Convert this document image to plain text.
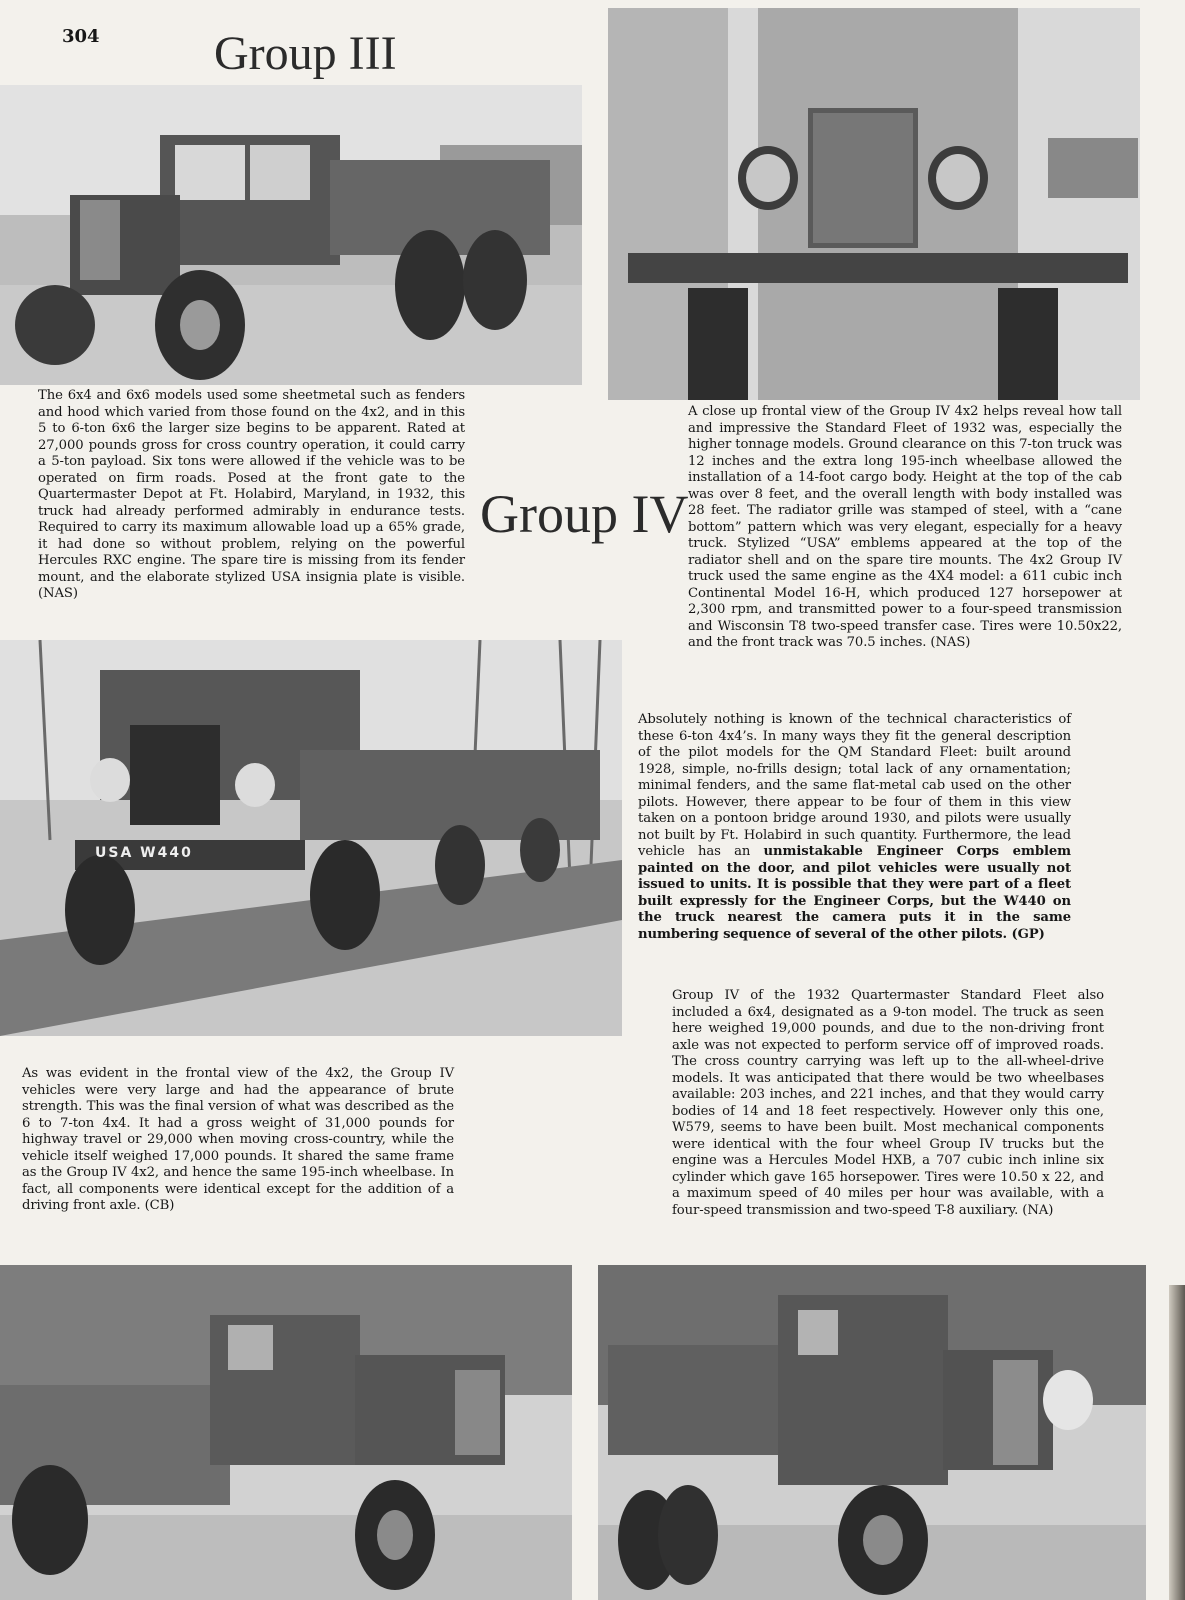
304 Group III

The 6x4 and 6x6 models used some sheetmetal such as fenders and hood which varied from those found on the 4x2, and in this 5 to 6-ton 6x6 the larger size begins to be apparent. Rated at 27,000 pounds gross for cross country operation, it could carry a 5-ton payload. Six tons were allowed if the vehicle was to be operated on firm roads. Posed at the front gate to the Quartermaster Depot at Ft. Holabird, Maryland, in 1932, this truck had already performed admirably in endurance tests. Required to carry its maximum allowable load up a 65% grade, it had done so without problem, relying on the powerful Hercules RXC engine. The spare tire is missing from its fender mount, and the elaborate stylized USA insignia plate is visible. (NAS)

Group IV

A close up frontal view of the Group IV 4x2 helps reveal how tall and impressive the Standard Fleet of 1932 was, especially the higher tonnage models. Ground clearance on this 7-ton truck was 12 inches and the extra long 195-inch wheelbase allowed the installation of a 14-foot cargo body. Height at the top of the cab was over 8 feet, and the overall length with body installed was 28 feet. The radiator grille was stamped of steel, with a “cane bottom” pattern which was very elegant, especially for a heavy truck. Stylized “USA” emblems appeared at the top of the radiator shell and on the spare tire mounts. The 4x2 Group IV truck used the same engine as the 4X4 model: a 611 cubic inch Continental Model 16-H, which produced 127 horsepower at 2,300 rpm, and transmitted power to a four-speed transmission and Wisconsin T8 two-speed transfer case. Tires were 10.50x22, and the front track was 70.5 inches. (NAS)

USA W440

Absolutely nothing is known of the technical characteristics of these 6-ton 4x4’s. In many ways they fit the general description of the pilot models for the QM Standard Fleet: built around 1928, simple, no-frills design; total lack of any ornamentation; minimal fenders, and the same flat-metal cab used on the other pilots. However, there appear to be four of them in this view taken on a pontoon bridge around 1930, and pilots were usually not built by Ft. Holabird in such quantity. Furthermore, the lead vehicle has an unmistakable Engineer Corps emblem painted on the door, and pilot vehicles were usually not issued to units. It is possible that they were part of a fleet built expressly for the Engineer Corps, but the W440 on the truck nearest the camera puts it in the same numbering sequence of several of the other pilots. (GP)

As was evident in the frontal view of the 4x2, the Group IV vehicles were very large and had the appearance of brute strength. This was the final version of what was described as the 6 to 7-ton 4x4. It had a gross weight of 31,000 pounds for highway travel or 29,000 when moving cross-country, while the vehicle itself weighed 17,000 pounds. It shared the same frame as the Group IV 4x2, and hence the same 195-inch wheelbase. In fact, all components were identical except for the addition of a driving front axle. (CB)

Group IV of the 1932 Quartermaster Standard Fleet also included a 6x4, designated as a 9-ton model. The truck as seen here weighed 19,000 pounds, and due to the non-driving front axle was not expected to perform service off of improved roads. The cross country carrying was left up to the all-wheel-drive models. It was anticipated that there would be two wheelbases available: 203 inches, and 221 inches, and that they would carry bodies of 14 and 18 feet respectively. However only this one, W579, seems to have been built. Most mechanical components were identical with the four wheel Group IV trucks but the engine was a Hercules Model HXB, a 707 cubic inch inline six cylinder which gave 165 horsepower. Tires were 10.50 x 22, and a maximum speed of 40 miles per hour was available, with a four-speed transmission and two-speed T-8 auxiliary. (NA)
